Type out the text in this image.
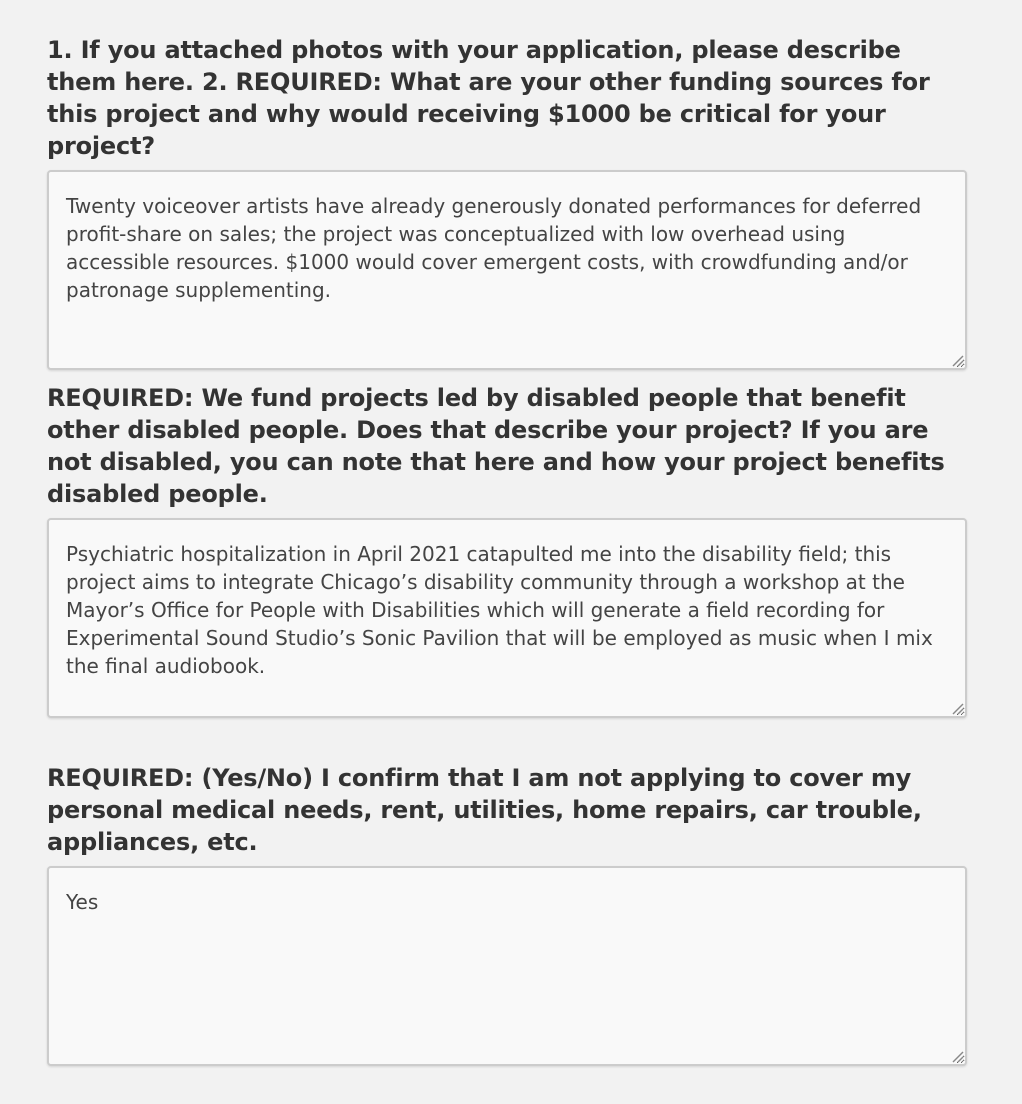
1. If you attached photos with your application, please describe them here. 2. REQUIRED: What are your other funding sources for this project and why would receiving $1000 be critical for your project?

Twenty voiceover artists have already generously donated performances for deferred profit-share on sales; the project was conceptualized with low overhead using accessible resources. $1000 would cover emergent costs, with crowdfunding and/or patronage supplementing.

REQUIRED: We fund projects led by disabled people that benefit other disabled people. Does that describe your project? If you are not disabled, you can note that here and how your project benefits disabled people.

Psychiatric hospitalization in April 2021 catapulted me into the disability field; this project aims to integrate Chicago’s disability community through a workshop at the Mayor’s Office for People with Disabilities which will generate a field recording for Experimental Sound Studio’s Sonic Pavilion that will be employed as music when I mix the final audiobook.

REQUIRED: (Yes/No) I confirm that I am not applying to cover my personal medical needs, rent, utilities, home repairs, car trouble, appliances, etc.

Yes
